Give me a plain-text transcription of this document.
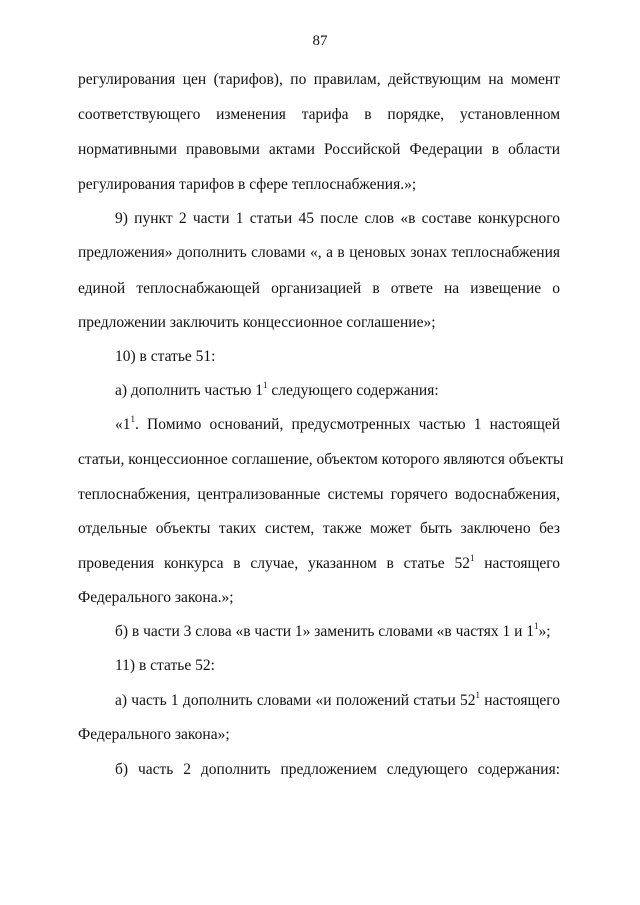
87
регулирования цен (тарифов), по правилам, действующим на момент
соответствующего изменения тарифа в порядке, установленном
нормативными правовыми актами Российской Федерации в области
регулирования тарифов в сфере теплоснабжения.»;
9) пункт 2 части 1 статьи 45 после слов «в составе конкурсного
предложения» дополнить словами «, а в ценовых зонах теплоснабжения
единой теплоснабжающей организацией в ответе на извещение о
предложении заключить концессионное соглашение»;
10) в статье 51:
а) дополнить частью $1^1$ следующего содержания:
«$1^1$. Помимо оснований, предусмотренных частью 1 настоящей
статьи, концессионное соглашение, объектом которого являются объекты
теплоснабжения, централизованные системы горячего водоснабжения,
отдельные объекты таких систем, также может быть заключено без
проведения конкурса в случае, указанном в статье $52^1$ настоящего
Федерального закона.»;
б) в части 3 слова «в части 1» заменить словами «в частях 1 и $1^1$»;
11) в статье 52:
а) часть 1 дополнить словами «и положений статьи $52^1$ настоящего
Федерального закона»;
б) часть 2 дополнить предложением следующего содержания:
